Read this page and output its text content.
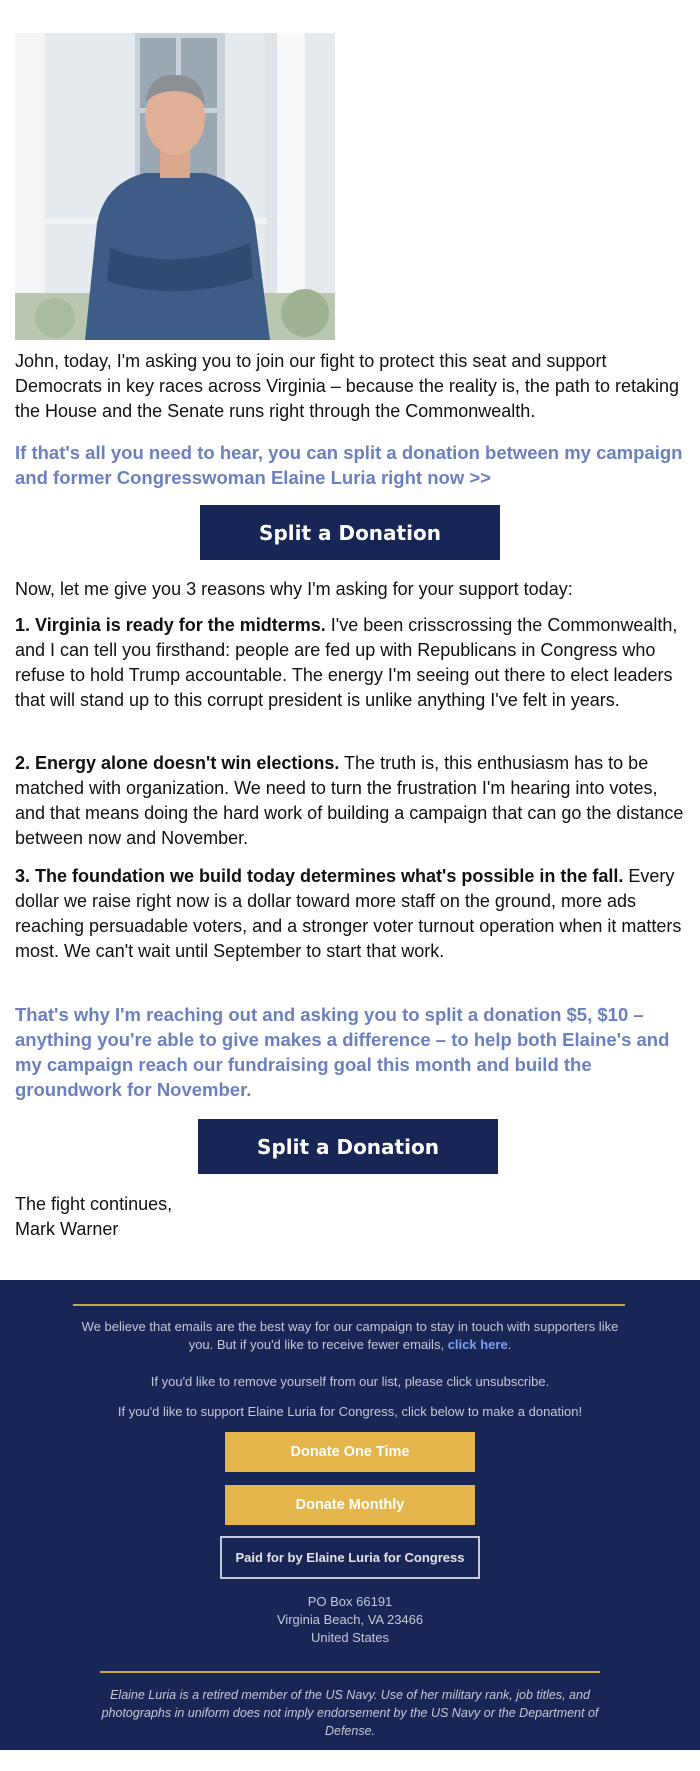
John, today, I'm asking you to join our fight to protect this seat and support Democrats in key races across Virginia – because the reality is, the path to retaking the House and the Senate runs right through the Commonwealth.
If that's all you need to hear, you can split a donation between my campaign and former Congresswoman Elaine Luria right now >>
Split a Donation
Now, let me give you 3 reasons why I'm asking for your support today:
1. Virginia is ready for the midterms. I've been crisscrossing the Commonwealth, and I can tell you firsthand: people are fed up with Republicans in Congress who refuse to hold Trump accountable. The energy I'm seeing out there to elect leaders that will stand up to this corrupt president is unlike anything I've felt in years.
2. Energy alone doesn't win elections. The truth is, this enthusiasm has to be matched with organization. We need to turn the frustration I'm hearing into votes, and that means doing the hard work of building a campaign that can go the distance between now and November.
3. The foundation we build today determines what's possible in the fall. Every dollar we raise right now is a dollar toward more staff on the ground, more ads reaching persuadable voters, and a stronger voter turnout operation when it matters most. We can't wait until September to start that work.
That's why I'm reaching out and asking you to split a donation $5, $10 – anything you're able to give makes a difference – to help both Elaine's and my campaign reach our fundraising goal this month and build the groundwork for November.
Split a Donation
The fight continues,
Mark Warner
We believe that emails are the best way for our campaign to stay in touch with supporters like you. But if you'd like to receive fewer emails, click here.
If you'd like to remove yourself from our list, please click unsubscribe.
If you'd like to support Elaine Luria for Congress, click below to make a donation!
Donate One Time
Donate Monthly
Paid for by Elaine Luria for Congress
PO Box 66191
Virginia Beach, VA 23466
United States
Elaine Luria is a retired member of the US Navy. Use of her military rank, job titles, and photographs in uniform does not imply endorsement by the US Navy or the Department of Defense.
